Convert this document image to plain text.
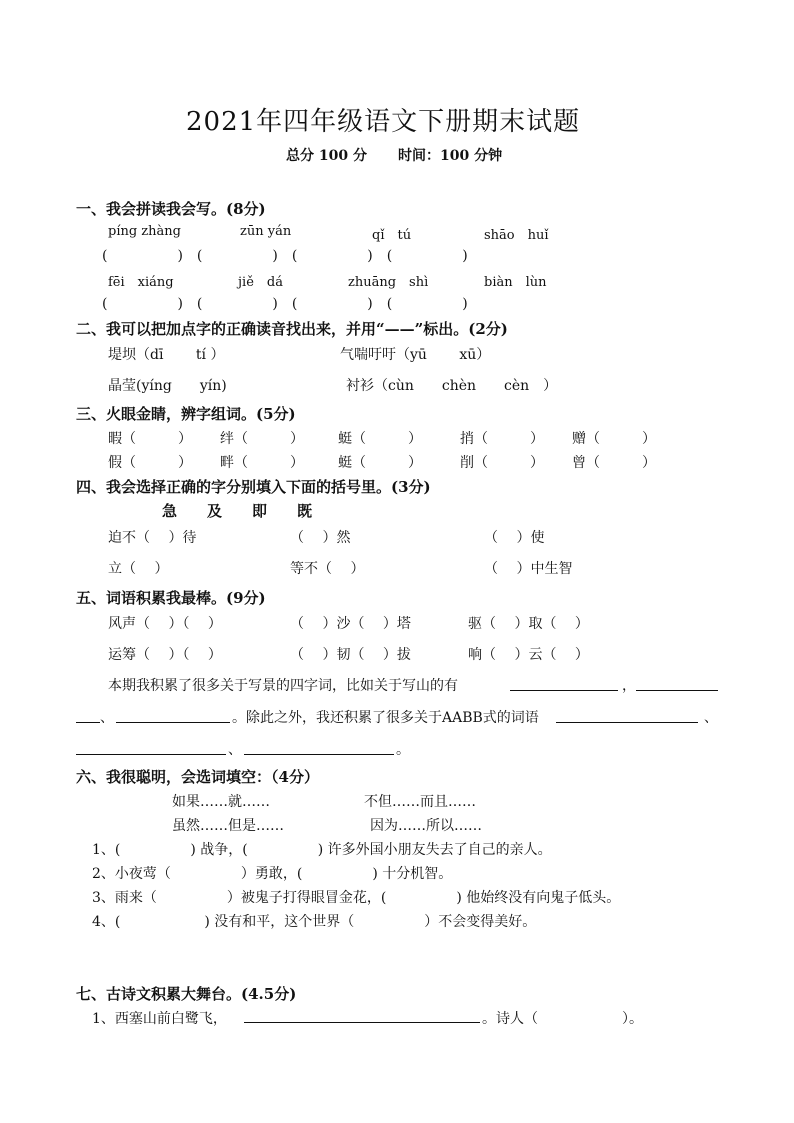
2021年四年级语文下册期末试题
总分 100 分 时间：100 分钟
一、我会拼读我会写。(8分)
píng zhàng	zūn yán	qǐ　tú	shāo　huǐ
(　　　　　)　(　　　　　)　(　　　　　)　(　　　　　)
fēi　xiáng	jiě　dá	zhuāng　shì	biàn　lùn
(　　　　　)　(　　　　　)　(　　　　　)　(　　　　　)
二、我可以把加点字的正确读音找出来，并用“——”标出。(2分)
堤坝（dī　　 tí ）	气喘吁吁（yū　　 xū）
晶莹(yíng　　yín)	衬衫（cùn　　chèn　　cèn　）
三、火眼金睛，辨字组词。(5分)
暇（　　　） 绊（　　　） 蜓（　　　）	捎（　　　） 赠（　　　）
假（　　　） 畔（　　　） 蜓（　　　）	削（　　　） 曾（　　　）
四、我会选择正确的字分别填入下面的括号里。(3分)
急　　及　　即　　既
迫不（　 ）待	（　 ）然	（　 ）使
立（　 ）	等不（　 ）	（　 ）中生智
五、词语积累我最棒。(9分)
风声（　 ）（　 ）	（　 ）沙（　 ）塔	驱（　 ）取（　 ）
运筹（　 ）（　 ）	（　 ）韧（　 ）拔	响（　 ）云（　 ）
本期我积累了很多关于写景的四字词，比如关于写山的有	，
、	。除此之外，我还积累了很多关于AABB式的词语	、
、	。
六、我很聪明，会选词填空：（4分）
如果……就……	不但……而且……
虽然……但是……	因为……所以……
1、(　　　　　) 战争，(　　　　　) 许多外国小朋友失去了自己的亲人。
2、小夜莺（　　　　　）勇敢，(　　　　　) 十分机智。
3、雨来（　　　　　）被鬼子打得眼冒金花，(　　　　　) 他始终没有向鬼子低头。
4、(　　　　　　) 没有和平，这个世界（　　　　　）不会变得美好。
七、古诗文积累大舞台。(4.5分)
1、西塞山前白鹭飞，	。诗人（　　　　　　）。
